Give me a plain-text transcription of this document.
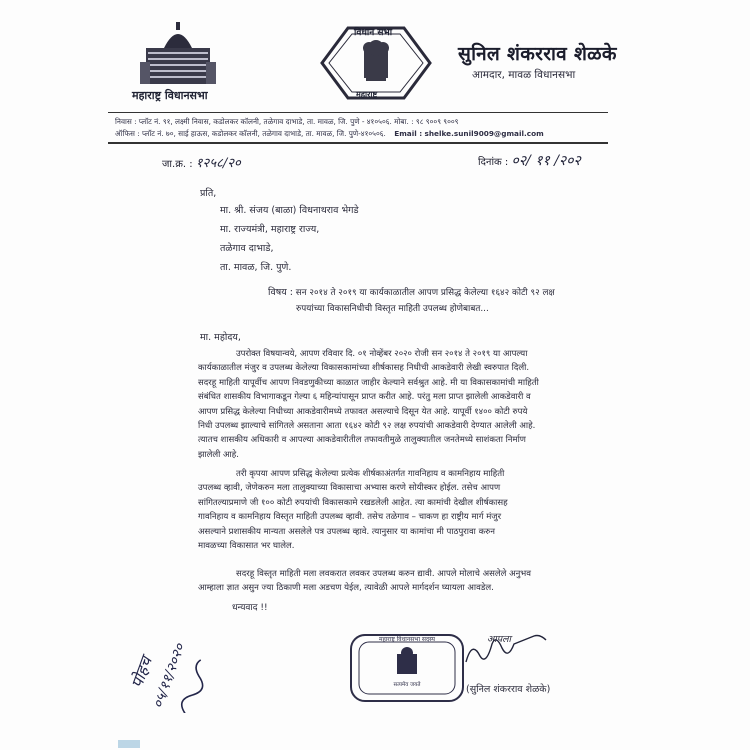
महाराष्ट्र विधानसभा
विधान सभा
महाराष्ट्र
सुनिल शंकरराव शेळके
आमदार, मावळ विधानसभा
निवास : प्लॉट नं. ९१, लक्ष्मी निवास, कडोलकर कॉलनी, तळेगाव दाभाडे, ता. मावळ, जि. पुणे - ४१०५०६. मोबा. : ९८ ९००९ ९००९
ऑफिस : प्लॉट नं. ७०, साई हाऊस, कडोलकर कॉलनी, तळेगाव दाभाडे, ता. मावळ, जि. पुणे-४१०५०६. Email : shelke.sunil9009@gmail.com
जा.क्र. : १२५८/२०	दिनांक : ०२/ ११ /२०२
प्रति,
मा. श्री. संजय (बाळा) विधनाथराव भेगडे
मा. राज्यमंत्री, महाराष्ट्र राज्य,
तळेगाव दाभाडे,
ता. मावळ, जि. पुणे.
विषय : सन २०१४ ते २०१९ या कार्यकाळातील आपण प्रसिद्ध केलेल्या १६४२ कोटी ९२ लक्ष
रुपयांच्या विकासनिधीची विस्तृत माहिती उपलब्ध होणेबाबत...
मा. महोदय,

उपरोक्त विषयान्वये, आपण रविवार दि. ०१ नोव्हेंबर २०२० रोजी सन २०१४ ते २०१९ या आपल्या

कार्यकाळातील मंजुर व उपलब्ध केलेल्या विकासकामांच्या शीर्षकासह निधीची आकडेवारी लेखी स्वरुपात दिली.

सदरहू माहिती यापूर्वीच आपण निवडणुकीच्या काळात जाहीर केल्याने सर्वश्रुत आहे. मी या विकासकामांची माहिती

संबंधित शासकीय विभागाकडून गेल्या ६ महिन्यांपासून प्राप्त करीत आहे. परंतु मला प्राप्त झालेली आकडेवारी व

आपण प्रसिद्ध केलेल्या निधीच्या आकडेवारीमध्ये तफावत असल्याचे दिसून येत आहे. यापूर्वी १४०० कोटी रुपये

निधी उपलब्ध झाल्याचे सांगितले असताना आता १६४२ कोटी ९२ लक्ष रुपयांची आकडेवारी देण्यात आलेली आहे.

त्यातच शासकीय अधिकारी व आपल्या आकडेवारीतील तफावतीमुळे तालुक्यातील जनतेमध्ये साशंकता निर्माण

झालेली आहे.

तरी कृपया आपण प्रसिद्ध केलेल्या प्रत्येक शीर्षकाअंतर्गत गावनिहाय व कामनिहाय माहिती

उपलब्ध व्हावी, जेणेकरुन मला तालुक्याच्या विकासाचा अभ्यास करणे सोयीस्कर होईल. तसेच आपण

सांगितल्याप्रमाणे जी १०० कोटी रुपयांची विकासकामे रखडलेली आहेत. त्या कामांची देखील शीर्षकासह

गावनिहाय व कामनिहाय विस्तृत माहिती उपलब्ध व्हावी. तसेच तळेगाव – चाकण हा राष्ट्रीय मार्ग मंजुर

असल्याने प्रशासकीय मान्यता असलेले पत्र उपलब्ध व्हावे. त्यानुसार या कामांचा मी पाठपुरावा करुन

मावळच्या विकासात भर घालेल.

सदरहू विस्तृत माहिती मला लवकरात लवकर उपलब्ध करुन द्यावी. आपले मोलाचे असलेले अनुभव

आम्हाला ज्ञात असुन ज्या ठिकाणी मला अडचण येईल, त्यावेळी आपले मार्गदर्शन घ्यायला आवडेल.

धन्यवाद !!
पोहच
०५/११/२०२०
महाराष्ट्र विधानसभा सदस्य
सत्यमेव जयते
आपला
(सुनिल शंकरराव शेळके)
